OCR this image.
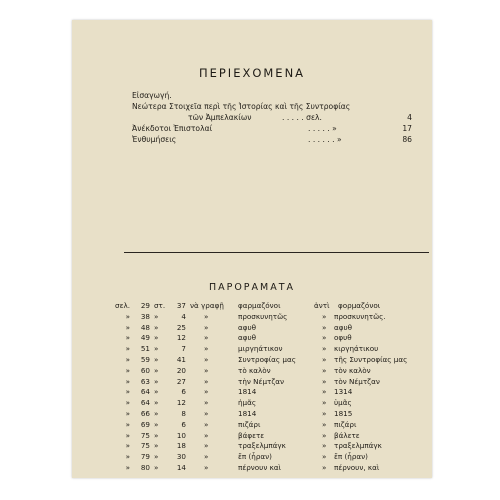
ΠΕΡΙΕΧΟΜΕΝΑ
Εἰσαγωγή.
Νεώτερα Στοιχεῖα περὶ τῆς Ἱστορίας καὶ τῆς Συντροφίας
τῶν Ἀμπελακίων	. . . . . σελ.	4
Ἀνέκδοτοι Ἐπιστολαί	. . . . . »	17
Ἐνθυμήσεις	. . . . . . »	86
ΠΑΡΟΡΑΜΑΤΑ
σελ.	29 στ.	37 νὰ γραφῇ	φαρμαζόνοι	ἀντὶ φορμαζόνοι
»	38 »	4	»	προσκυνητῶς	» προσκυνητῶς.
»	48 »	25	»	αφυθ	» αφυθ
»	49 »	12	»	αφυθ	» οφυθ
»	51 »	7	»	μιργηάτικον	» κιργηάτικου
»	59 »	41	»	Συντροφίας μας	» τῆς Συντροφίας μας
»	60 »	20	»	τὸ καλὸν	» τὸν καλὸν
»	63 »	27	»	τὴν Νέμτζαν	» τὸν Νέμτζαν
»	64 »	6	»	1814	» 1314
»	64 »	12	»	ἡμᾶς	» ὑμᾶς
»	66 »	8	»	1814	» 1815
»	69 »	6	»	πιζάρι	» πιζάρι
»	75 »	10	»	βάφετε	» βάλετε
»	75 »	18	»	τραξελμπάγκ	» τραξελμπάγκ
»	79 »	30	»	ἔπ (ἦραν)	» ἔπ (ἦραν)
»	80 »	14	»	πέρνουν καὶ	» πέρνουν, καὶ
